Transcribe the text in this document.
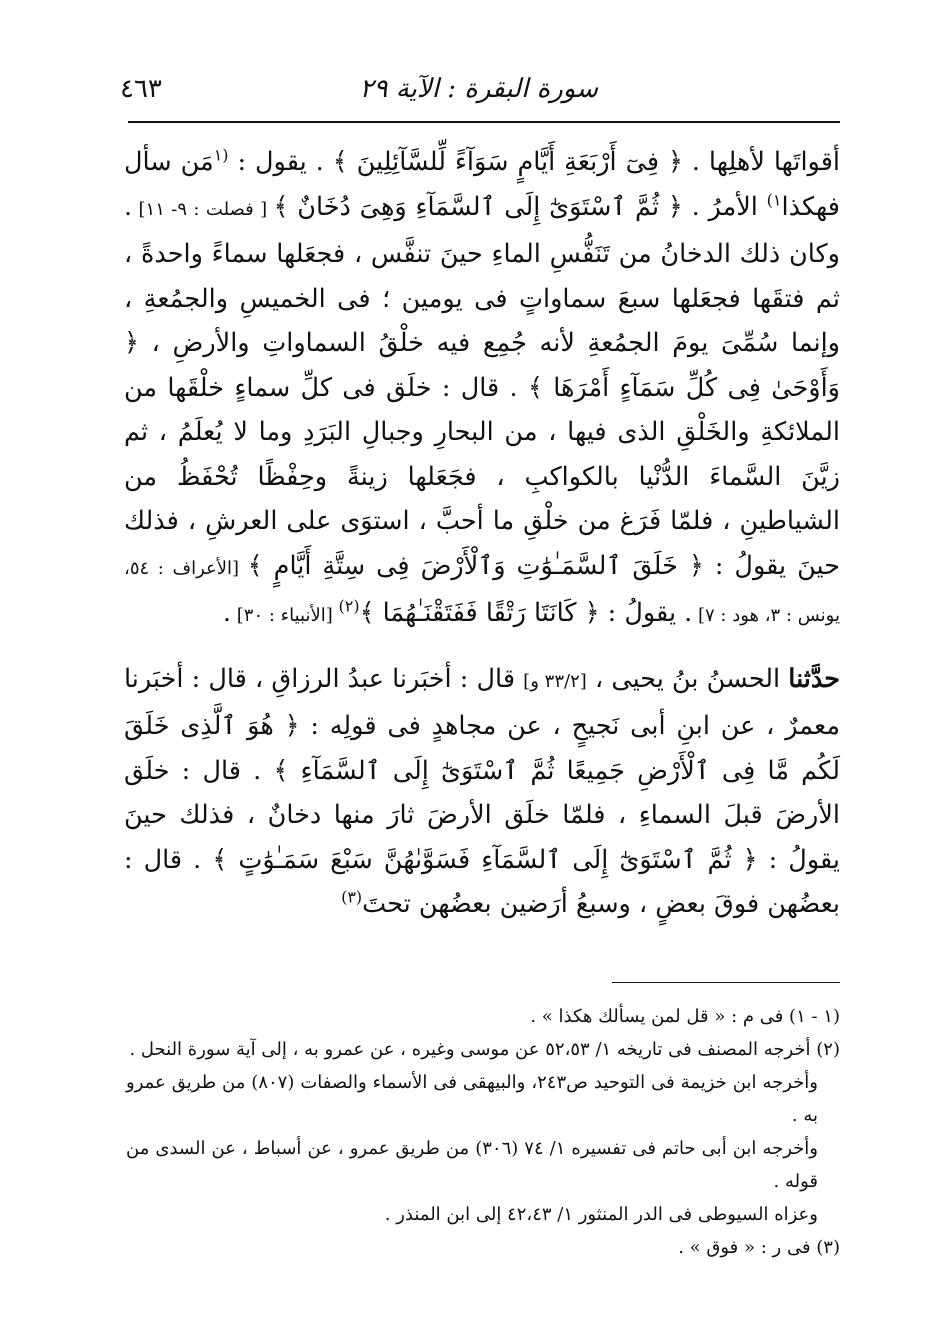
سورة البقرة : الآية ٢٩
٤٦٣

أقواتَها لأهلِها . ﴿ فِىٓ أَرْبَعَةِ أَيَّامٍ سَوَآءً لِّلسَّآئِلِينَ ﴾ . يقول : $^{(١}$مَن سأل فهكذا$^{١)}$ الأمرُ . ﴿ ثُمَّ ٱسْتَوَىٰٓ إِلَى ٱلسَّمَآءِ وَهِىَ دُخَانٌ ﴾ [ فصلت : ٩- ١١] . وكان ذلك الدخانُ من تَنَفُّسِ الماءِ حينَ تنفَّس ، فجعَلها سماءً واحدةً ، ثم فتقَها فجعَلها سبعَ سماواتٍ فى يومين ؛ فى الخميسِ والجمُعةِ ، وإنما سُمِّىَ يومَ الجمُعةِ لأنه جُمِع فيه خلْقُ السماواتِ والأرضِ ، ﴿ وَأَوْحَىٰ فِى كُلِّ سَمَآءٍ أَمْرَهَا ﴾ . قال : خلَق فى كلِّ سماءٍ خلْقَها من الملائكةِ والخَلْقِ الذى فيها ، من البحارِ وجبالِ البَرَدِ وما لا يُعلَمُ ، ثم زيَّنَ السَّماءَ الدُّنْيا بالكواكبِ ، فجَعَلها زينةً وحِفْظًا تُحْفَظُ من الشياطينِ ، فلمّا فَرَغ من خلْقِ ما أحبَّ ، استوَى على العرشِ ، فذلك حينَ يقولُ : ﴿ خَلَقَ ٱلسَّمَـٰوَٰتِ وَٱلْأَرْضَ فِى سِتَّةِ أَيَّامٍ ﴾ [الأعراف : ٥٤، يونس : ٣، هود : ٧] . يقولُ : ﴿ كَانَتَا رَتْقًا فَفَتَقْنَـٰهُمَا ﴾$^{(٢)}$ [الأنبياء : ٣٠] .

حدَّثنا الحسنُ بنُ يحيى ، [٣٣/٢ و] قال : أخبَرنا عبدُ الرزاقِ ، قال : أخبَرنا معمرٌ ، عن ابنِ أبى نَجيحٍ ، عن مجاهدٍ فى قولِه : ﴿ هُوَ ٱلَّذِى خَلَقَ لَكُم مَّا فِى ٱلْأَرْضِ جَمِيعًا ثُمَّ ٱسْتَوَىٰٓ إِلَى ٱلسَّمَآءِ ﴾ . قال : خلَق الأرضَ قبلَ السماءِ ، فلمّا خلَق الأرضَ ثارَ منها دخانٌ ، فذلك حينَ يقولُ : ﴿ ثُمَّ ٱسْتَوَىٰٓ إِلَى ٱلسَّمَآءِ فَسَوَّىٰهُنَّ سَبْعَ سَمَـٰوَٰتٍ ﴾ . قال : بعضُهن فوقَ بعضٍ ، وسبعُ أرَضين بعضُهن تحتَ$^{(٣)}$

(١ - ١) فى م : « قل لمن يسألك هكذا » .

(٢) أخرجه المصنف فى تاريخه ١/ ٥٢،٥٣ عن موسى وغيره ، عن عمرو به ، إلى آية سورة النحل .

وأخرجه ابن خزيمة فى التوحيد ص٢٤٣، والبيهقى فى الأسماء والصفات (٨٠٧) من طريق عمرو به .

وأخرجه ابن أبى حاتم فى تفسيره ١/ ٧٤ (٣٠٦) من طريق عمرو ، عن أسباط ، عن السدى من قوله .

وعزاه السيوطى فى الدر المنثور ١/ ٤٢،٤٣ إلى ابن المنذر .

(٣) فى ر : « فوق » .
